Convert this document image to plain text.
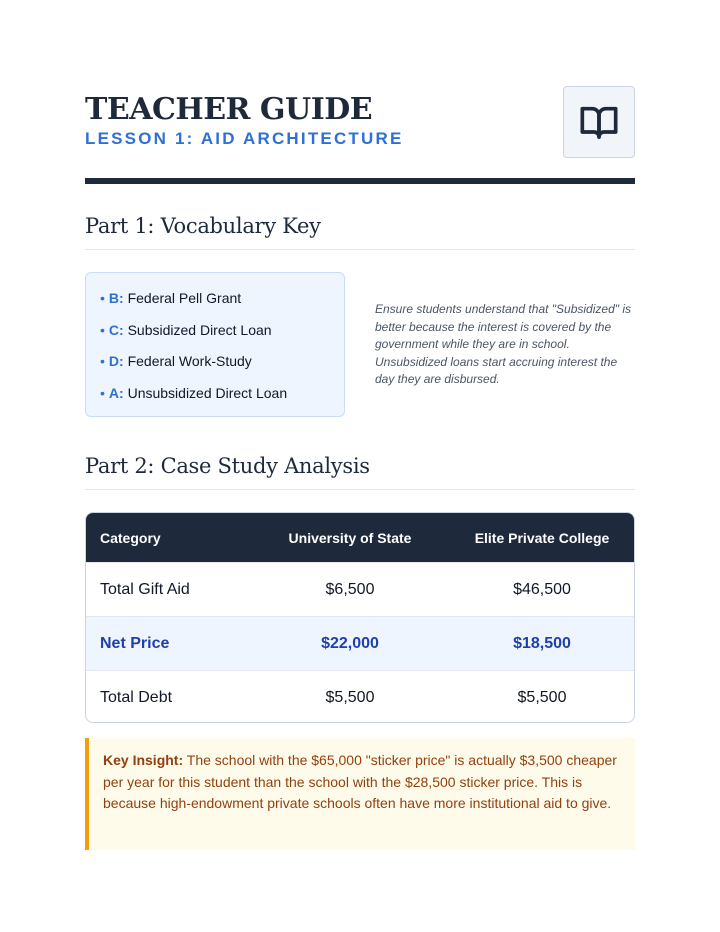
TEACHER GUIDE
LESSON 1: AID ARCHITECTURE
Part 1: Vocabulary Key
• B: Federal Pell Grant
• C: Subsidized Direct Loan
• D: Federal Work-Study
• A: Unsubsidized Direct Loan
Ensure students understand that "Subsidized" is better because the interest is covered by the government while they are in school. Unsubsidized loans start accruing interest the day they are disbursed.
Part 2: Case Study Analysis
Category	University of State	Elite Private College
Total Gift Aid	$6,500	$46,500
Net Price	$22,000	$18,500
Total Debt	$5,500	$5,500
Key Insight: The school with the $65,000 "sticker price" is actually $3,500 cheaper per year for this student than the school with the $28,500 sticker price. This is because high-endowment private schools often have more institutional aid to give.
